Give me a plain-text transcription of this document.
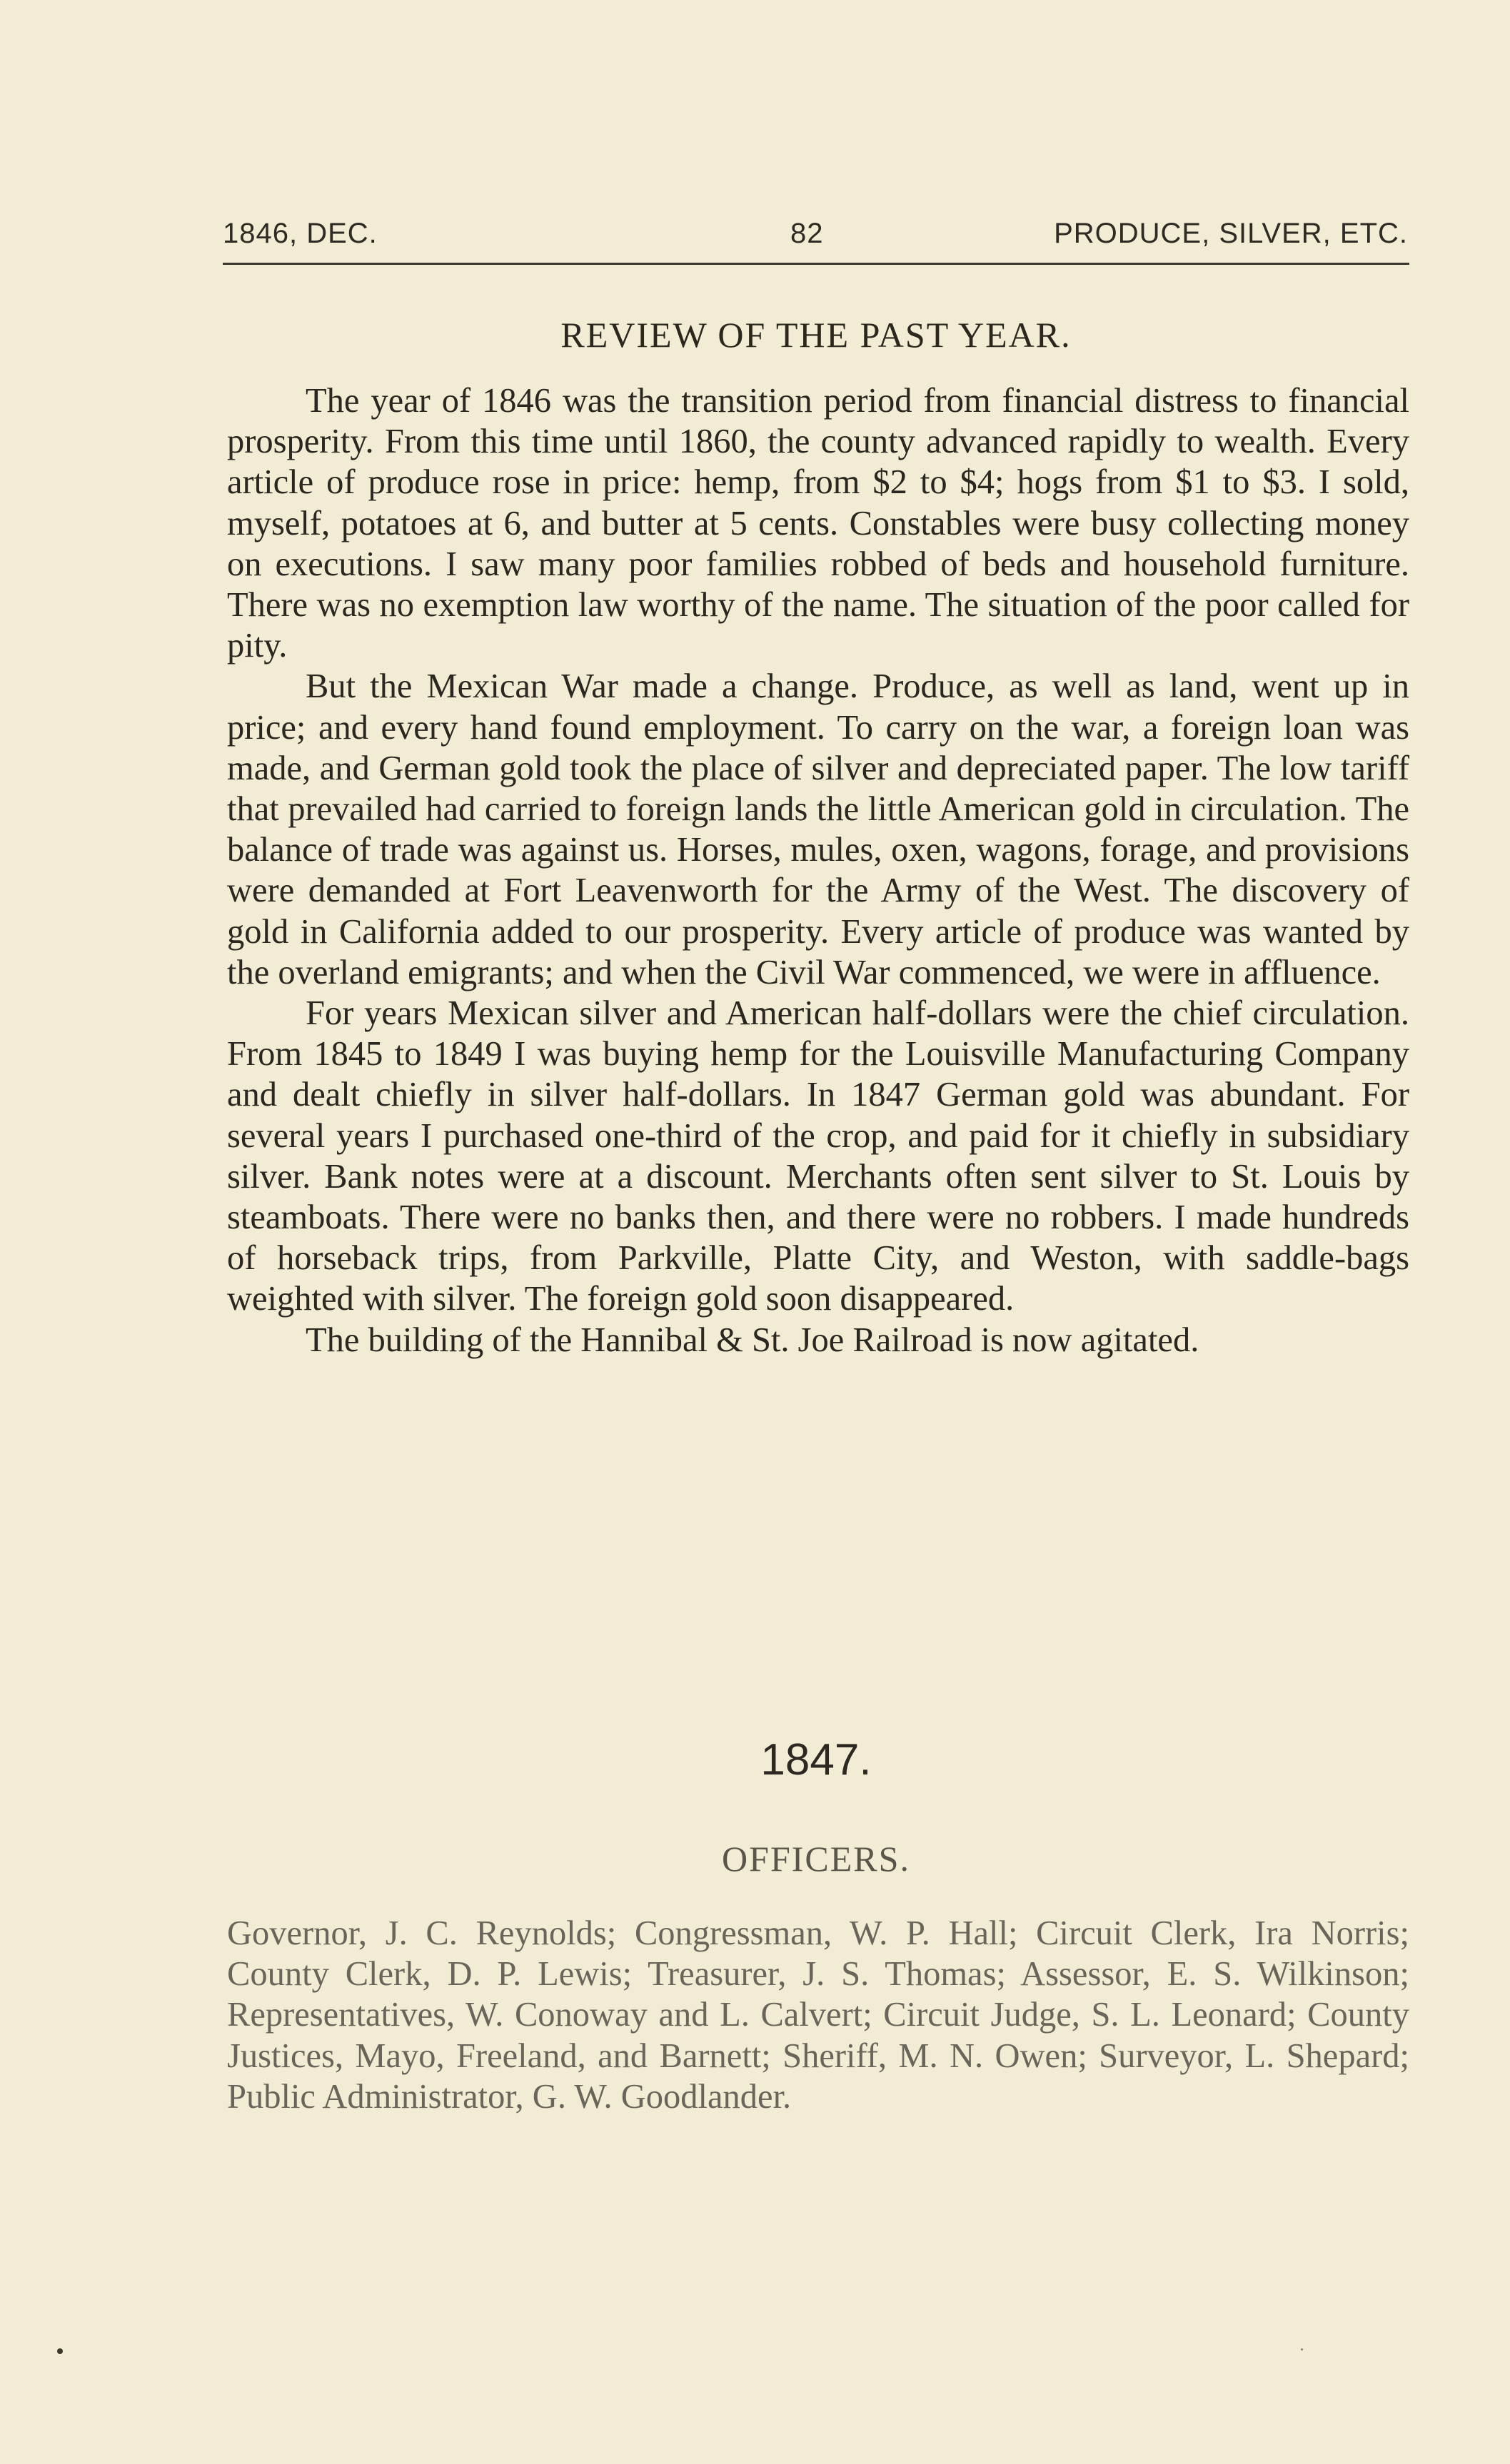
1846, DEC.	82	PRODUCE, SILVER, ETC.
REVIEW OF THE PAST YEAR.

The year of 1846 was the transition period from financial distress to financial prosperity. From this time until 1860, the county advanced rapidly to wealth. Every article of produce rose in price: hemp, from $2 to $4; hogs from $1 to $3. I sold, myself, potatoes at 6, and butter at 5 cents. Constables were busy collecting money on executions. I saw many poor families robbed of beds and household furniture. There was no exemption law worthy of the name. The situation of the poor called for pity.

But the Mexican War made a change. Produce, as well as land, went up in price; and every hand found employment. To carry on the war, a foreign loan was made, and German gold took the place of silver and depreciated paper. The low tariff that prevailed had carried to foreign lands the little American gold in circulation. The balance of trade was against us. Horses, mules, oxen, wagons, forage, and provisions were demanded at Fort Leavenworth for the Army of the West. The discovery of gold in California added to our prosperity. Every article of produce was wanted by the overland emigrants; and when the Civil War commenced, we were in affluence.

For years Mexican silver and American half-dollars were the chief circulation. From 1845 to 1849 I was buying hemp for the Louisville Manufacturing Company and dealt chiefly in silver half-dollars. In 1847 German gold was abundant. For several years I purchased one-third of the crop, and paid for it chiefly in subsidiary silver. Bank notes were at a discount. Merchants often sent silver to St. Louis by steamboats. There were no banks then, and there were no robbers. I made hundreds of horseback trips, from Parkville, Platte City, and Weston, with saddle-bags weighted with silver. The foreign gold soon disappeared.

The building of the Hannibal & St. Joe Railroad is now agitated.

1847.
OFFICERS.

Governor, J. C. Reynolds; Congressman, W. P. Hall; Circuit Clerk, Ira Norris; County Clerk, D. P. Lewis; Treasurer, J. S. Thomas; Assessor, E. S. Wilkinson; Representatives, W. Conoway and L. Calvert; Circuit Judge, S. L. Leonard; County Justices, Mayo, Freeland, and Barnett; Sheriff, M. N. Owen; Surveyor, L. Shepard; Public Administrator, G. W. Goodlander.
